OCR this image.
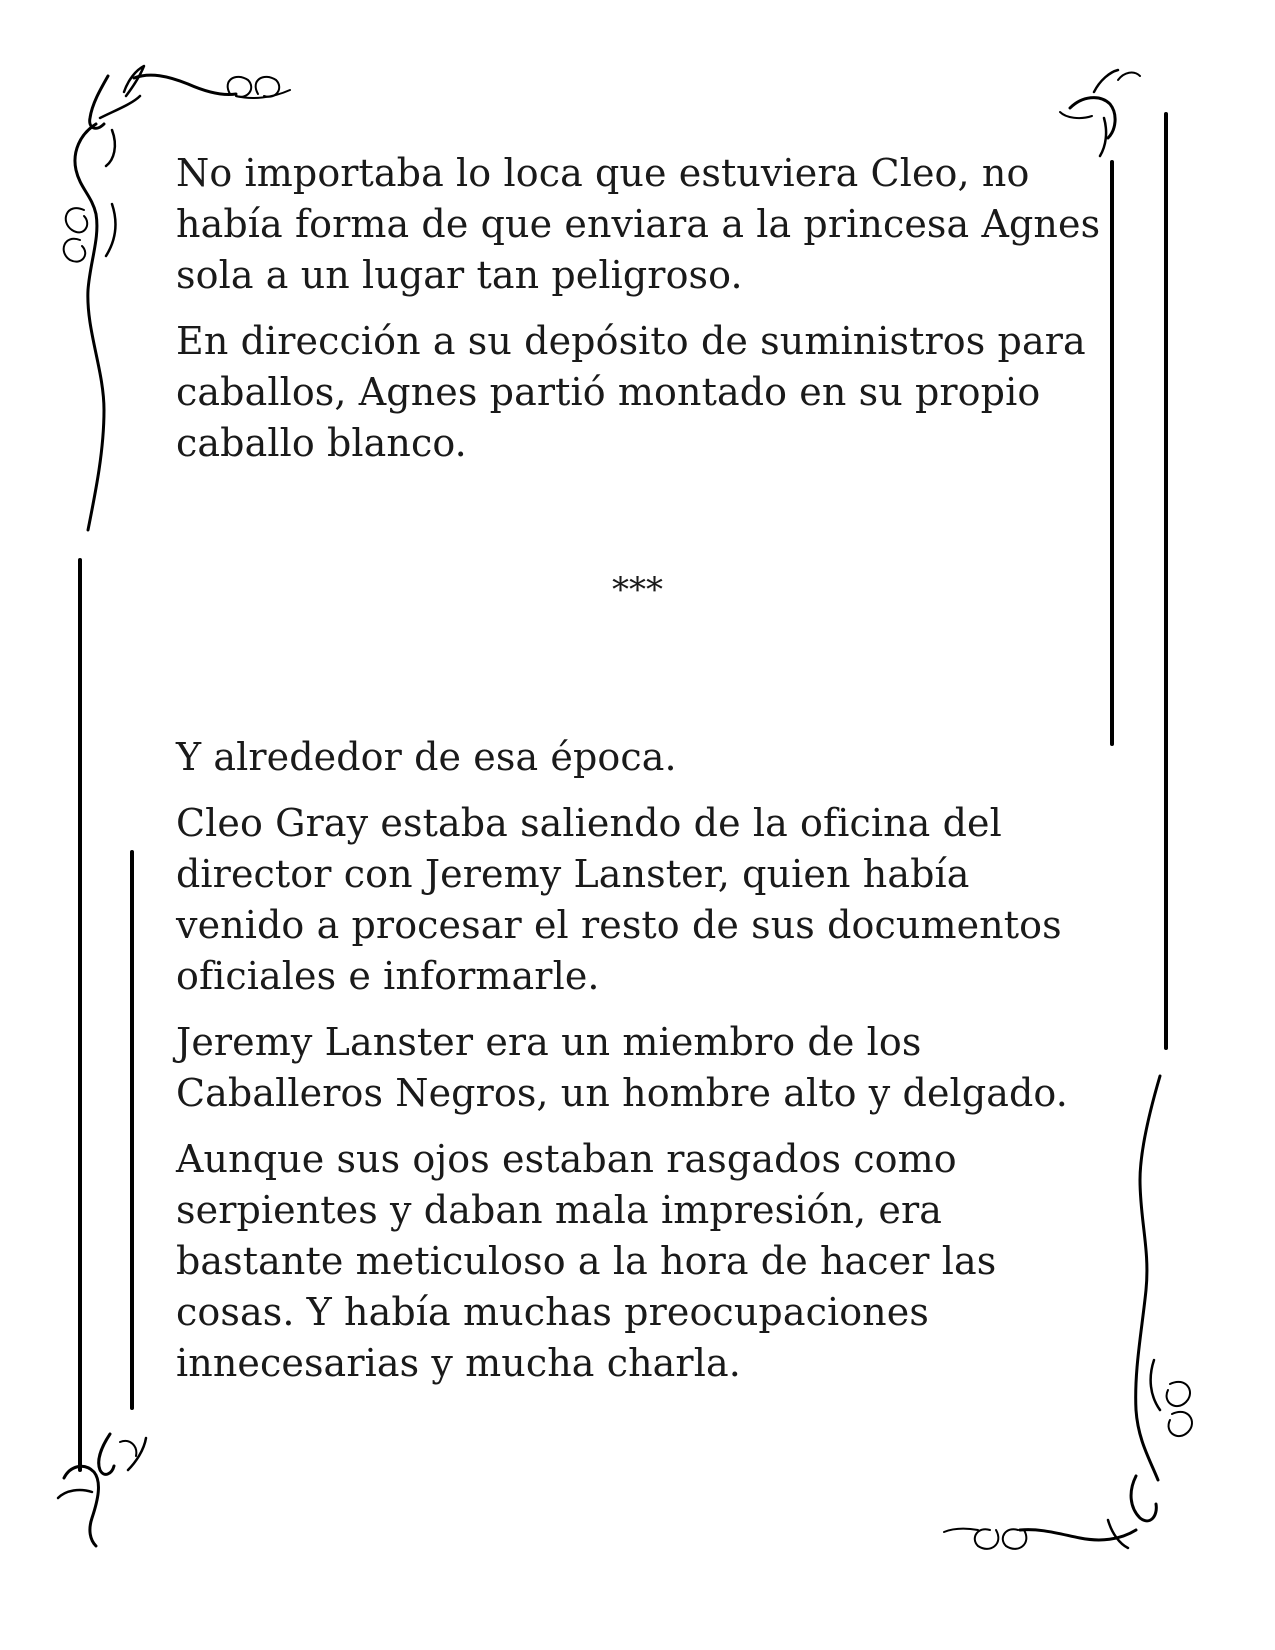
No importaba lo loca que estuviera Cleo, no había forma de que enviara a la princesa Agnes sola a un lugar tan peligroso.

En dirección a su depósito de suministros para caballos, Agnes partió montado en su propio caballo blanco.

***

Y alrededor de esa época.

Cleo Gray estaba saliendo de la oficina del director con Jeremy Lanster, quien había venido a procesar el resto de sus documentos oficiales e informarle.

Jeremy Lanster era un miembro de los Caballeros Negros, un hombre alto y delgado.

Aunque sus ojos estaban rasgados como serpientes y daban mala impresión, era bastante meticuloso a la hora de hacer las cosas. Y había muchas preocupaciones innecesarias y mucha charla.
